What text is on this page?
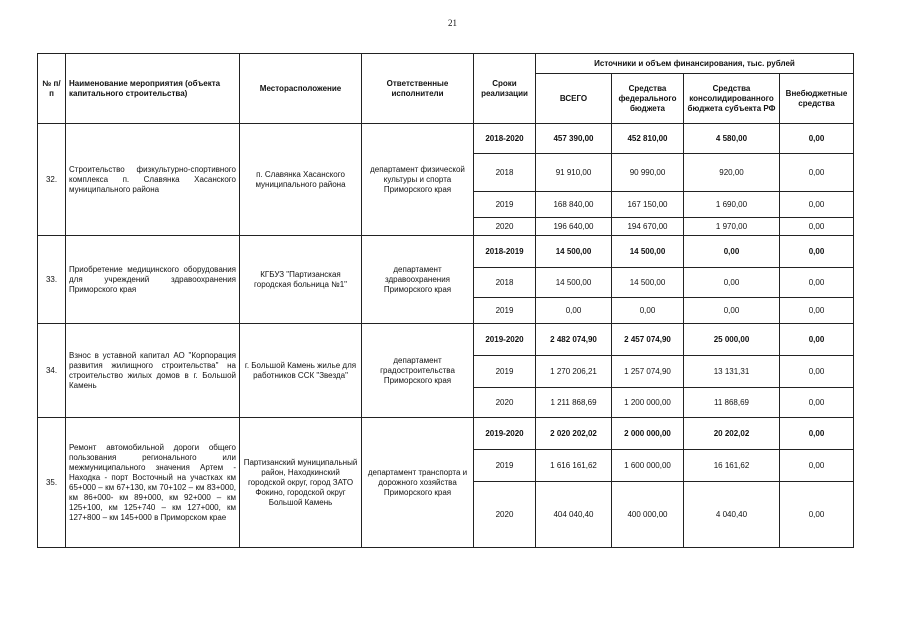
21
№ п/п	Наименование мероприятия (объекта капитального строительства)	Месторасположение	Ответственные исполнители	Сроки реализации	Источники и объем финансирования, тыс. рублей			
					ВСЕГО	Средства федерального бюджета	Средства консолидированного бюджета субъекта РФ	Внебюджетные средства
32.	Строительство физкультурно-спортивного комплекса п. Славянка Хасанского муниципального района	п. Славянка Хасанского муниципального района	департамент физической культуры и спорта Приморского края	2018-2020	457 390,00	452 810,00	4 580,00	0,00
				2018	91 910,00	90 990,00	920,00	0,00
				2019	168 840,00	167 150,00	1 690,00	0,00
				2020	196 640,00	194 670,00	1 970,00	0,00
33.	Приобретение медицинского оборудования для учреждений здравоохранения Приморского края	КГБУЗ "Партизанская городская больница №1"	департамент здравоохранения Приморского края	2018-2019	14 500,00	14 500,00	0,00	0,00
				2018	14 500,00	14 500,00	0,00	0,00
				2019	0,00	0,00	0,00	0,00
34.	Взнос в уставной капитал АО "Корпорация развития жилищного строительства" на строительство жилых домов в г. Большой Камень	г. Большой Камень жилье для работников ССК "Звезда"	департамент градостроительства Приморского края	2019-2020	2 482 074,90	2 457 074,90	25 000,00	0,00
				2019	1 270 206,21	1 257 074,90	13 131,31	0,00
				2020	1 211 868,69	1 200 000,00	11 868,69	0,00
35.	Ремонт автомобильной дороги общего пользования регионального или межмуниципального значения Артем - Находка - порт Восточный на участках км 65+000 – км 67+130, км 70+102 – км 83+000, км 86+000- км 89+000, км 92+000 – км 125+100, км 125+740 – км 127+000, км 127+800 – км 145+000 в Приморском крае	Партизанский муниципальный район, Находкинский городской округ, город ЗАТО Фокино, городской округ Большой Камень	департамент транспорта и дорожного хозяйства Приморского края	2019-2020	2 020 202,02	2 000 000,00	20 202,02	0,00
				2019	1 616 161,62	1 600 000,00	16 161,62	0,00
				2020	404 040,40	400 000,00	4 040,40	0,00
